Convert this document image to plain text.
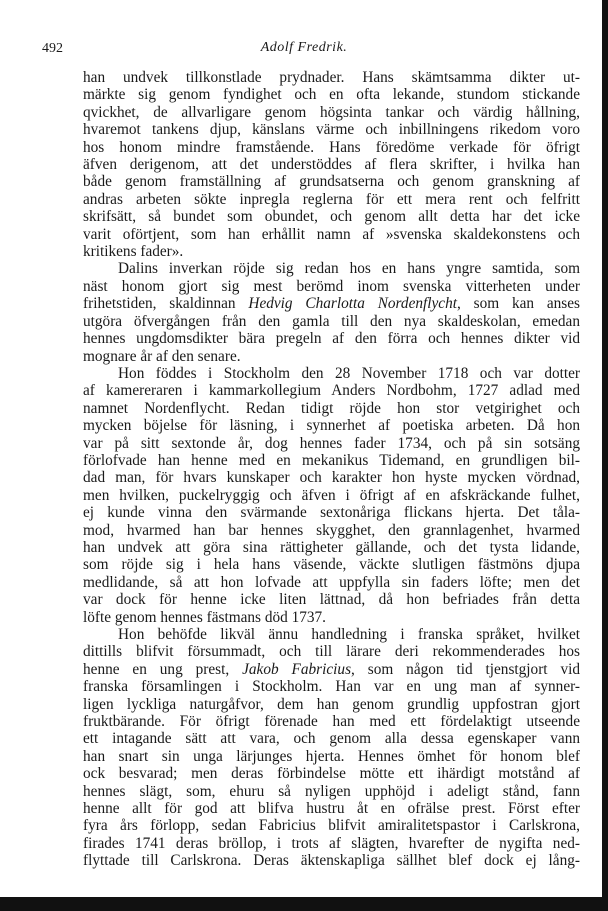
492	Adolf Fredrik.
han undvek tillkonstlade prydnader. Hans skämtsamma dikter ut-
märkte sig genom fyndighet och en ofta lekande, stundom stickande
qvickhet, de allvarligare genom högsinta tankar och värdig hållning,
hvaremot tankens djup, känslans värme och inbillningens rikedom voro
hos honom mindre framstående. Hans föredöme verkade för öfrigt
äfven derigenom, att det understöddes af flera skrifter, i hvilka han
både genom framställning af grundsatserna och genom granskning af
andras arbeten sökte inpregla reglerna för ett mera rent och felfritt
skrifsätt, så bundet som obundet, och genom allt detta har det icke
varit oförtjent, som han erhållit namn af »svenska skaldekonstens och
kritikens fader».
Dalins inverkan röjde sig redan hos en hans yngre samtida, som
näst honom gjort sig mest berömd inom svenska vitterheten under
frihetstiden, skaldinnan Hedvig Charlotta Nordenflycht, som kan anses
utgöra öfvergången från den gamla till den nya skaldeskolan, emedan
hennes ungdomsdikter bära pregeln af den förra och hennes dikter vid
mognare år af den senare.
Hon föddes i Stockholm den 28 November 1718 och var dotter
af kamereraren i kammarkollegium Anders Nordbohm, 1727 adlad med
namnet Nordenflycht. Redan tidigt röjde hon stor vetgirighet och
mycken böjelse för läsning, i synnerhet af poetiska arbeten. Då hon
var på sitt sextonde år, dog hennes fader 1734, och på sin sotsäng
förlofvade han henne med en mekanikus Tidemand, en grundligen bil-
dad man, för hvars kunskaper och karakter hon hyste mycken vördnad,
men hvilken, puckelryggig och äfven i öfrigt af en afskräckande fulhet,
ej kunde vinna den svärmande sextonåriga flickans hjerta. Det tåla-
mod, hvarmed han bar hennes skygghet, den grannlagenhet, hvarmed
han undvek att göra sina rättigheter gällande, och det tysta lidande,
som röjde sig i hela hans väsende, väckte slutligen fästmöns djupa
medlidande, så att hon lofvade att uppfylla sin faders löfte; men det
var dock för henne icke liten lättnad, då hon befriades från detta
löfte genom hennes fästmans död 1737.
Hon behöfde likväl ännu handledning i franska språket, hvilket
dittills blifvit försummadt, och till lärare deri rekommenderades hos
henne en ung prest, Jakob Fabricius, som någon tid tjenstgjort vid
franska församlingen i Stockholm. Han var en ung man af synner-
ligen lyckliga naturgåfvor, dem han genom grundlig uppfostran gjort
fruktbärande. För öfrigt förenade han med ett fördelaktigt utseende
ett intagande sätt att vara, och genom alla dessa egenskaper vann
han snart sin unga lärjunges hjerta. Hennes ömhet för honom blef
ock besvarad; men deras förbindelse mötte ett ihärdigt motstånd af
hennes slägt, som, ehuru så nyligen upphöjd i adeligt stånd, fann
henne allt för god att blifva hustru åt en ofrälse prest. Först efter
fyra års förlopp, sedan Fabricius blifvit amiralitetspastor i Carlskrona,
firades 1741 deras bröllop, i trots af slägten, hvarefter de nygifta ned-
flyttade till Carlskrona. Deras äktenskapliga sällhet blef dock ej lång-
